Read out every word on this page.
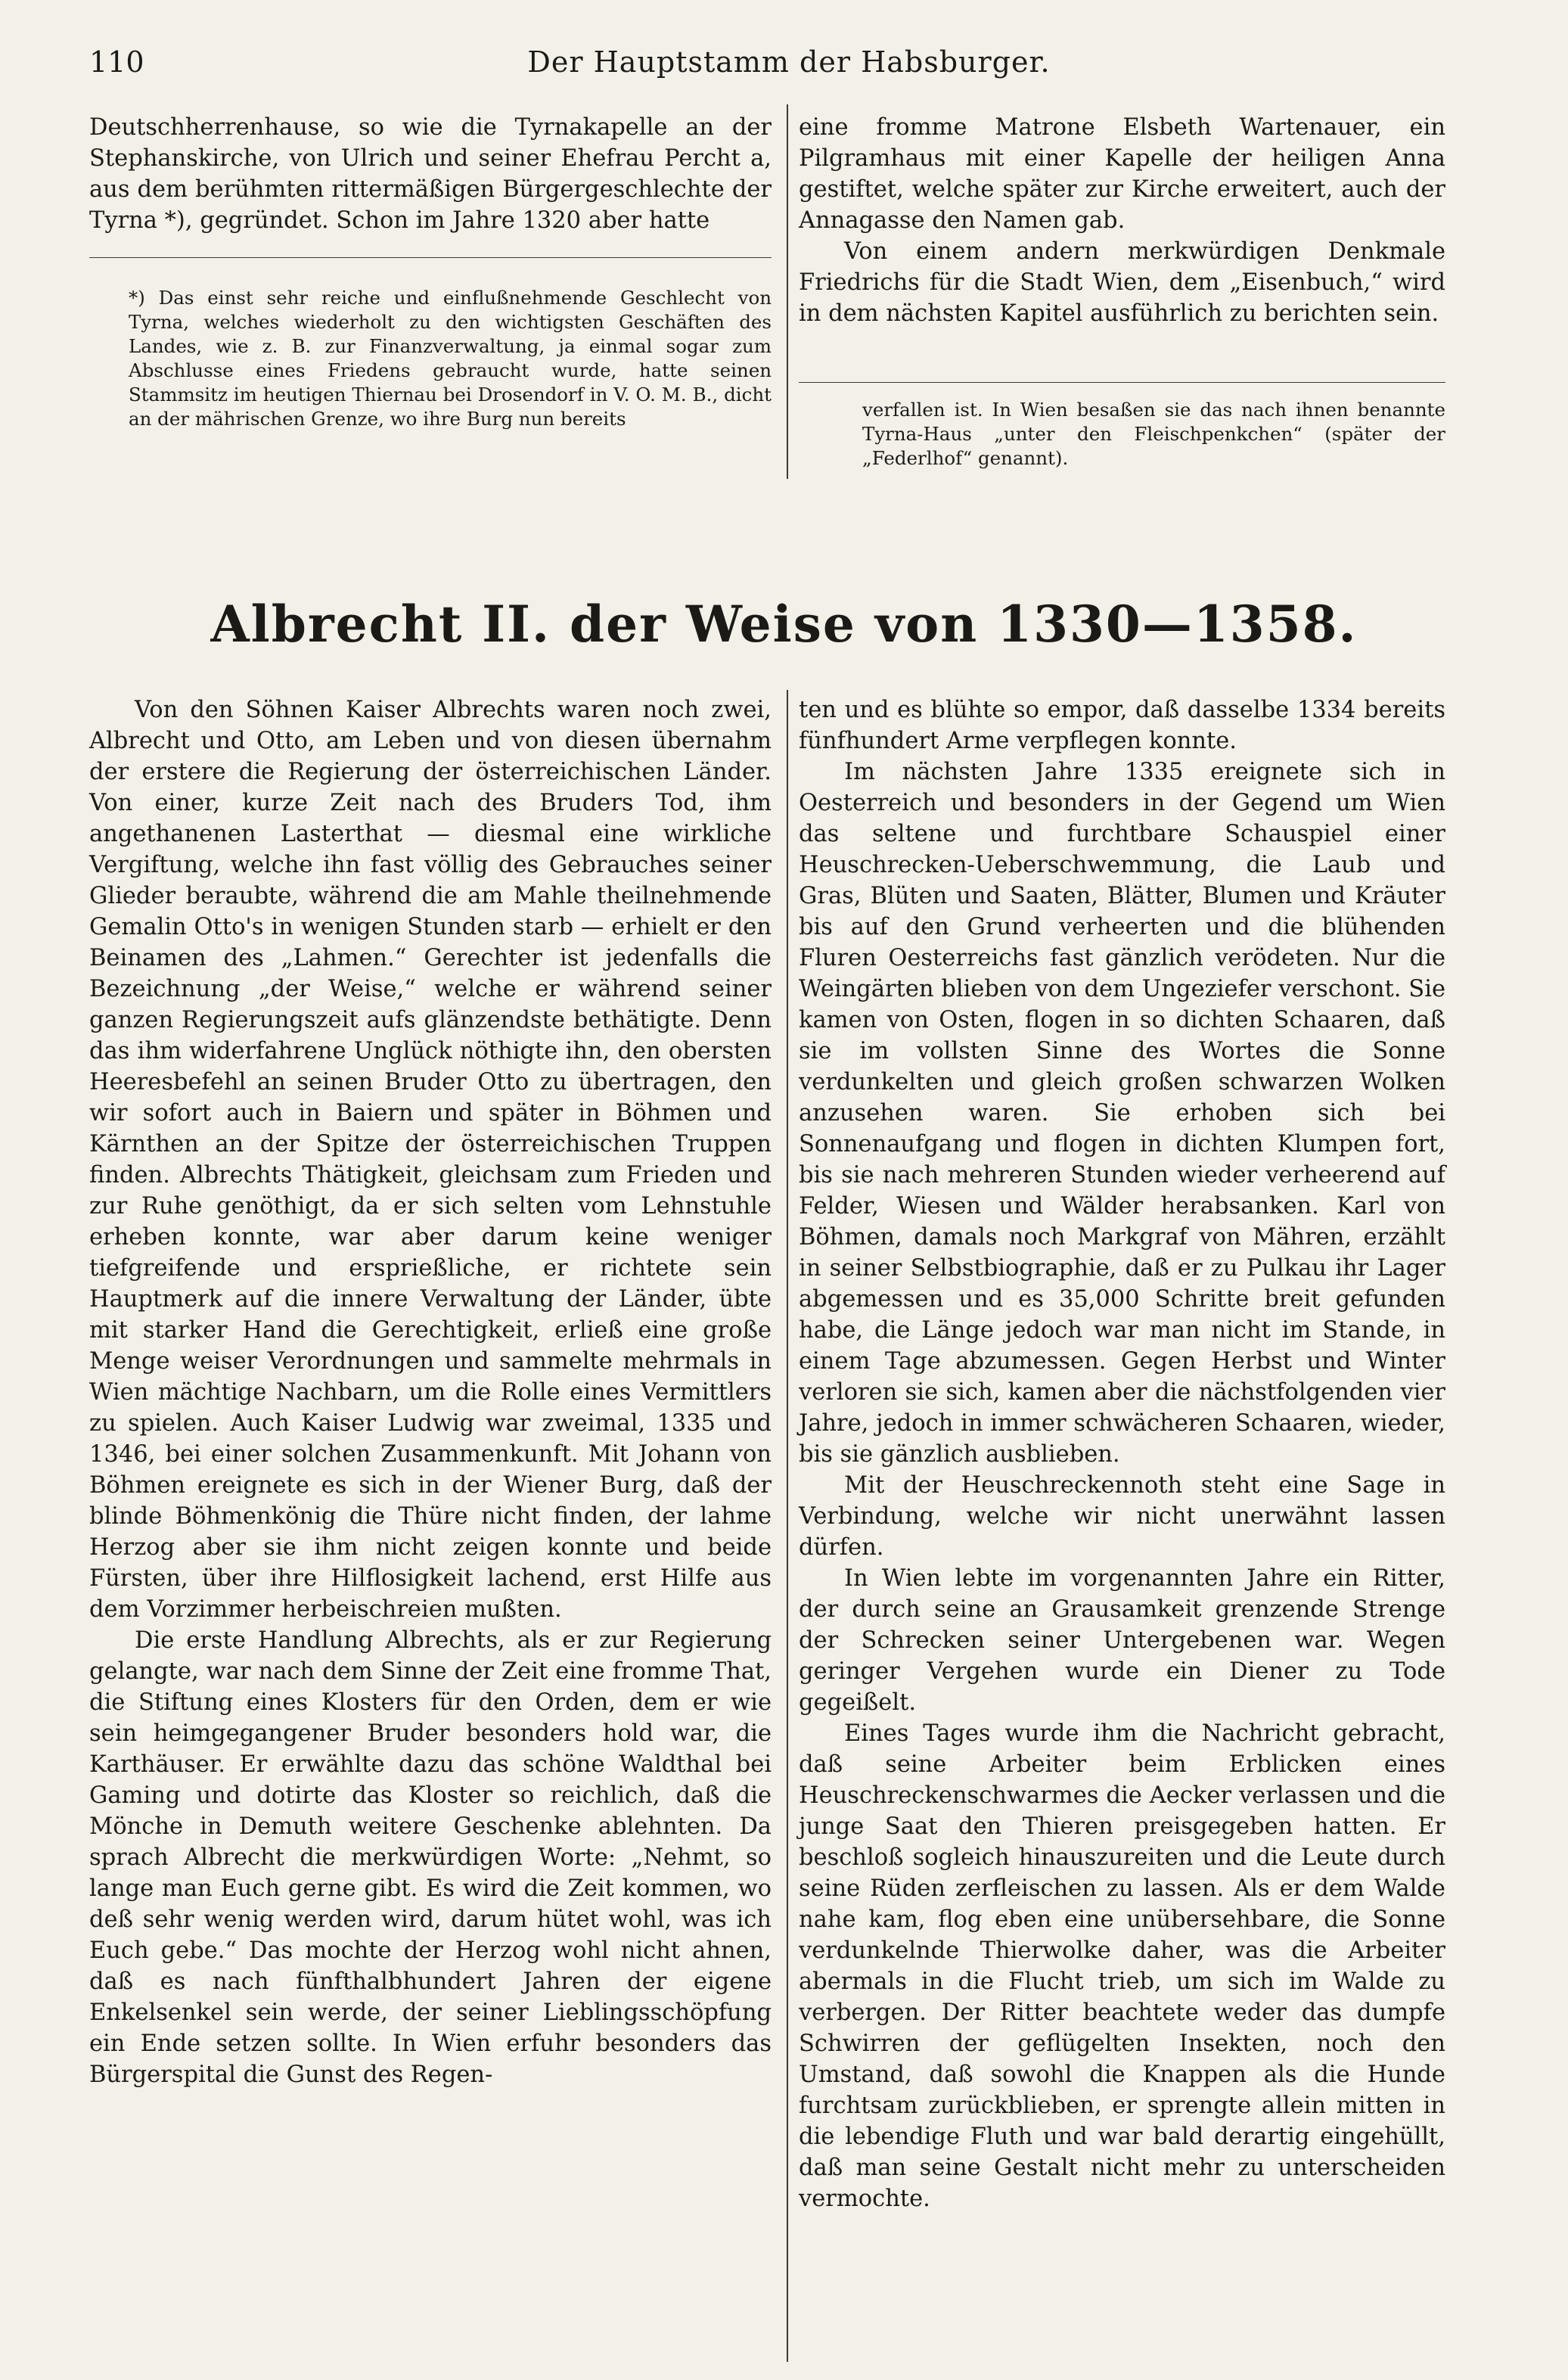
110	Der Hauptstamm der Habsburger.

Deutschherrenhause, so wie die Tyrnakapelle an der Stephanskirche, von Ulrich und seiner Ehefrau Percht a, aus dem berühmten rittermäßigen Bürgergeschlechte der Tyrna *), gegründet. Schon im Jahre 1320 aber hatte

*) Das einst sehr reiche und einflußnehmende Geschlecht von Tyrna, welches wiederholt zu den wichtigsten Geschäften des Landes, wie z. B. zur Finanzverwaltung, ja einmal sogar zum Abschlusse eines Friedens gebraucht wurde, hatte seinen Stammsitz im heutigen Thiernau bei Drosendorf in V. O. M. B., dicht an der mährischen Grenze, wo ihre Burg nun bereits

eine fromme Matrone Elsbeth Wartenauer, ein Pilgramhaus mit einer Kapelle der heiligen Anna gestiftet, welche später zur Kirche erweitert, auch der Annagasse den Namen gab.

Von einem andern merkwürdigen Denkmale Friedrichs für die Stadt Wien, dem „Eisenbuch,“ wird in dem nächsten Kapitel ausführlich zu berichten sein.

verfallen ist. In Wien besaßen sie das nach ihnen benannte Tyrna-Haus „unter den Fleischpenkchen“ (später der „Federlhof“ genannt).

Albrecht II. der Weise von 1330—1358.

Von den Söhnen Kaiser Albrechts waren noch zwei, Albrecht und Otto, am Leben und von diesen übernahm der erstere die Regierung der österreichischen Länder. Von einer, kurze Zeit nach des Bruders Tod, ihm angethanenen Lasterthat — diesmal eine wirkliche Vergiftung, welche ihn fast völlig des Gebrauches seiner Glieder beraubte, während die am Mahle theilnehmende Gemalin Otto's in wenigen Stunden starb — erhielt er den Beinamen des „Lahmen.“ Gerechter ist jedenfalls die Bezeichnung „der Weise,“ welche er während seiner ganzen Regierungszeit aufs glänzendste bethätigte. Denn das ihm widerfahrene Unglück nöthigte ihn, den obersten Heeresbefehl an seinen Bruder Otto zu übertragen, den wir sofort auch in Baiern und später in Böhmen und Kärnthen an der Spitze der österreichischen Truppen finden. Albrechts Thätigkeit, gleichsam zum Frieden und zur Ruhe genöthigt, da er sich selten vom Lehnstuhle erheben konnte, war aber darum keine weniger tiefgreifende und ersprießliche, er richtete sein Hauptmerk auf die innere Verwaltung der Länder, übte mit starker Hand die Gerechtigkeit, erließ eine große Menge weiser Verordnungen und sammelte mehrmals in Wien mächtige Nachbarn, um die Rolle eines Vermittlers zu spielen. Auch Kaiser Ludwig war zweimal, 1335 und 1346, bei einer solchen Zusammenkunft. Mit Johann von Böhmen ereignete es sich in der Wiener Burg, daß der blinde Böhmenkönig die Thüre nicht finden, der lahme Herzog aber sie ihm nicht zeigen konnte und beide Fürsten, über ihre Hilflosigkeit lachend, erst Hilfe aus dem Vorzimmer herbeischreien mußten.

Die erste Handlung Albrechts, als er zur Regierung gelangte, war nach dem Sinne der Zeit eine fromme That, die Stiftung eines Klosters für den Orden, dem er wie sein heimgegangener Bruder besonders hold war, die Karthäuser. Er erwählte dazu das schöne Waldthal bei Gaming und dotirte das Kloster so reichlich, daß die Mönche in Demuth weitere Geschenke ablehnten. Da sprach Albrecht die merkwürdigen Worte: „Nehmt, so lange man Euch gerne gibt. Es wird die Zeit kommen, wo deß sehr wenig werden wird, darum hütet wohl, was ich Euch gebe.“ Das mochte der Herzog wohl nicht ahnen, daß es nach fünfthalbhundert Jahren der eigene Enkelsenkel sein werde, der seiner Lieblingsschöpfung ein Ende setzen sollte. In Wien erfuhr besonders das Bürgerspital die Gunst des Regen-

ten und es blühte so empor, daß dasselbe 1334 bereits fünfhundert Arme verpflegen konnte.

Im nächsten Jahre 1335 ereignete sich in Oesterreich und besonders in der Gegend um Wien das seltene und furchtbare Schauspiel einer Heuschrecken-Ueberschwemmung, die Laub und Gras, Blüten und Saaten, Blätter, Blumen und Kräuter bis auf den Grund verheerten und die blühenden Fluren Oesterreichs fast gänzlich verödeten. Nur die Weingärten blieben von dem Ungeziefer verschont. Sie kamen von Osten, flogen in so dichten Schaaren, daß sie im vollsten Sinne des Wortes die Sonne verdunkelten und gleich großen schwarzen Wolken anzusehen waren. Sie erhoben sich bei Sonnenaufgang und flogen in dichten Klumpen fort, bis sie nach mehreren Stunden wieder verheerend auf Felder, Wiesen und Wälder herabsanken. Karl von Böhmen, damals noch Markgraf von Mähren, erzählt in seiner Selbstbiographie, daß er zu Pulkau ihr Lager abgemessen und es 35,000 Schritte breit gefunden habe, die Länge jedoch war man nicht im Stande, in einem Tage abzumessen. Gegen Herbst und Winter verloren sie sich, kamen aber die nächstfolgenden vier Jahre, jedoch in immer schwächeren Schaaren, wieder, bis sie gänzlich ausblieben.

Mit der Heuschreckennoth steht eine Sage in Verbindung, welche wir nicht unerwähnt lassen dürfen.

In Wien lebte im vorgenannten Jahre ein Ritter, der durch seine an Grausamkeit grenzende Strenge der Schrecken seiner Untergebenen war. Wegen geringer Vergehen wurde ein Diener zu Tode gegeißelt.

Eines Tages wurde ihm die Nachricht gebracht, daß seine Arbeiter beim Erblicken eines Heuschreckenschwarmes die Aecker verlassen und die junge Saat den Thieren preisgegeben hatten. Er beschloß sogleich hinauszureiten und die Leute durch seine Rüden zerfleischen zu lassen. Als er dem Walde nahe kam, flog eben eine unübersehbare, die Sonne verdunkelnde Thierwolke daher, was die Arbeiter abermals in die Flucht trieb, um sich im Walde zu verbergen. Der Ritter beachtete weder das dumpfe Schwirren der geflügelten Insekten, noch den Umstand, daß sowohl die Knappen als die Hunde furchtsam zurückblieben, er sprengte allein mitten in die lebendige Fluth und war bald derartig eingehüllt, daß man seine Gestalt nicht mehr zu unterscheiden vermochte.
